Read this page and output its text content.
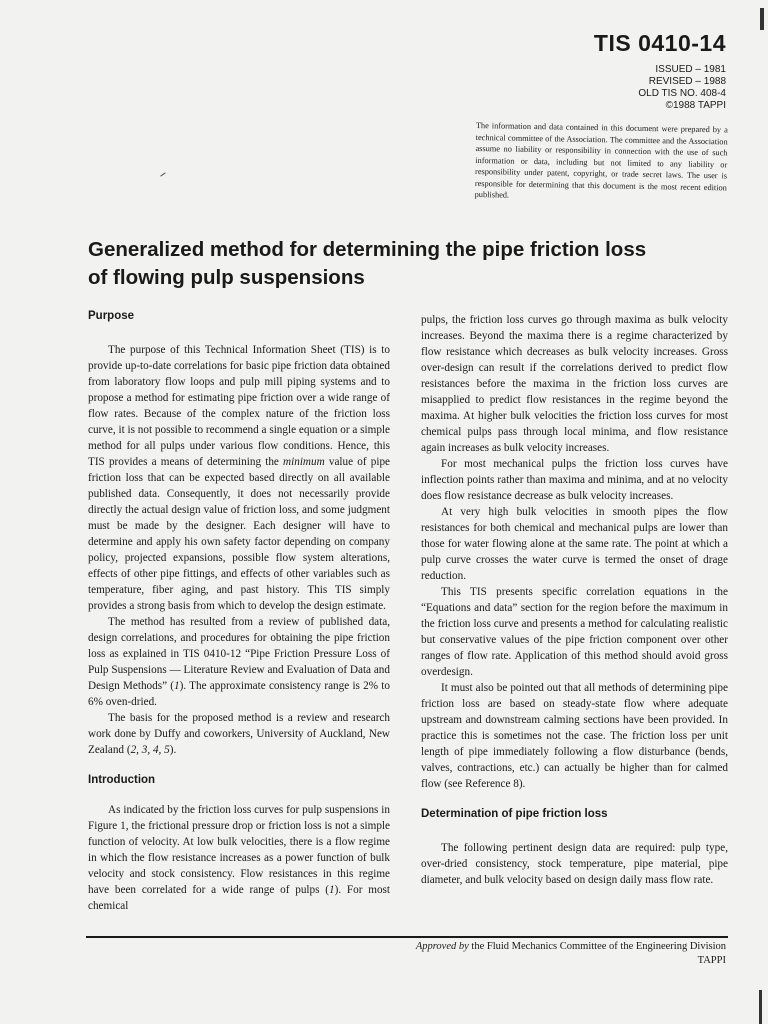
TIS 0410-14
ISSUED – 1981
REVISED – 1988
OLD TIS NO. 408-4
©1988 TAPPI
The information and data contained in this document were prepared by a technical committee of the Association. The committee and the Association assume no liability or responsibility in connection with the use of such information or data, including but not limited to any liability or responsibility under patent, copyright, or trade secret laws. The user is responsible for determining that this document is the most recent edition published.
Generalized method for determining the pipe friction loss
of flowing pulp suspensions
Purpose

The purpose of this Technical Information Sheet (TIS) is to provide up-to-date correlations for basic pipe friction data obtained from laboratory flow loops and pulp mill piping systems and to propose a method for estimating pipe friction over a wide range of flow rates. Because of the complex nature of the friction loss curve, it is not possible to recommend a single equation or a simple method for all pulps under various flow conditions. Hence, this TIS provides a means of determining the minimum value of pipe friction loss that can be expected based directly on all available published data. Consequently, it does not necessarily provide directly the actual design value of friction loss, and some judgment must be made by the designer. Each designer will have to determine and apply his own safety factor depending on company policy, projected expansions, possible flow system alterations, effects of other pipe fittings, and effects of other variables such as temperature, fiber aging, and past history. This TIS simply provides a strong basis from which to develop the design estimate.

The method has resulted from a review of published data, design correlations, and procedures for obtaining the pipe friction loss as explained in TIS 0410-12 “Pipe Friction Pressure Loss of Pulp Suspensions — Literature Review and Evaluation of Data and Design Methods” (1). The approximate consistency range is 2% to 6% oven-dried.

The basis for the proposed method is a review and research work done by Duffy and coworkers, University of Auckland, New Zealand (2, 3, 4, 5).

Introduction

As indicated by the friction loss curves for pulp suspensions in Figure 1, the frictional pressure drop or friction loss is not a simple function of velocity. At low bulk velocities, there is a flow regime in which the flow resistance increases as a power function of bulk velocity and stock consistency. Flow resistances in this regime have been correlated for a wide range of pulps (1). For most chemical

pulps, the friction loss curves go through maxima as bulk velocity increases. Beyond the maxima there is a regime characterized by flow resistance which decreases as bulk velocity increases. Gross over-design can result if the correlations derived to predict flow resistances before the maxima in the friction loss curves are misapplied to predict flow resistances in the regime beyond the maxima. At higher bulk velocities the friction loss curves for most chemical pulps pass through local minima, and flow resistance again increases as bulk velocity increases.

For most mechanical pulps the friction loss curves have inflection points rather than maxima and minima, and at no velocity does flow resistance decrease as bulk velocity increases.

At very high bulk velocities in smooth pipes the flow resistances for both chemical and mechanical pulps are lower than those for water flowing alone at the same rate. The point at which a pulp curve crosses the water curve is termed the onset of drage reduction.

This TIS presents specific correlation equations in the “Equations and data” section for the region before the maximum in the friction loss curve and presents a method for calculating realistic but conservative values of the pipe friction component over other ranges of flow rate. Application of this method should avoid gross overdesign.

It must also be pointed out that all methods of determining pipe friction loss are based on steady-state flow where adequate upstream and downstream calming sections have been provided. In practice this is sometimes not the case. The friction loss per unit length of pipe immediately following a flow disturbance (bends, valves, contractions, etc.) can actually be higher than for calmed flow (see Reference 8).

Determination of pipe friction loss

The following pertinent design data are required: pulp type, over-dried consistency, stock temperature, pipe material, pipe diameter, and bulk velocity based on design daily mass flow rate.

Approved by the Fluid Mechanics Committee of the Engineering Division
TAPPI
